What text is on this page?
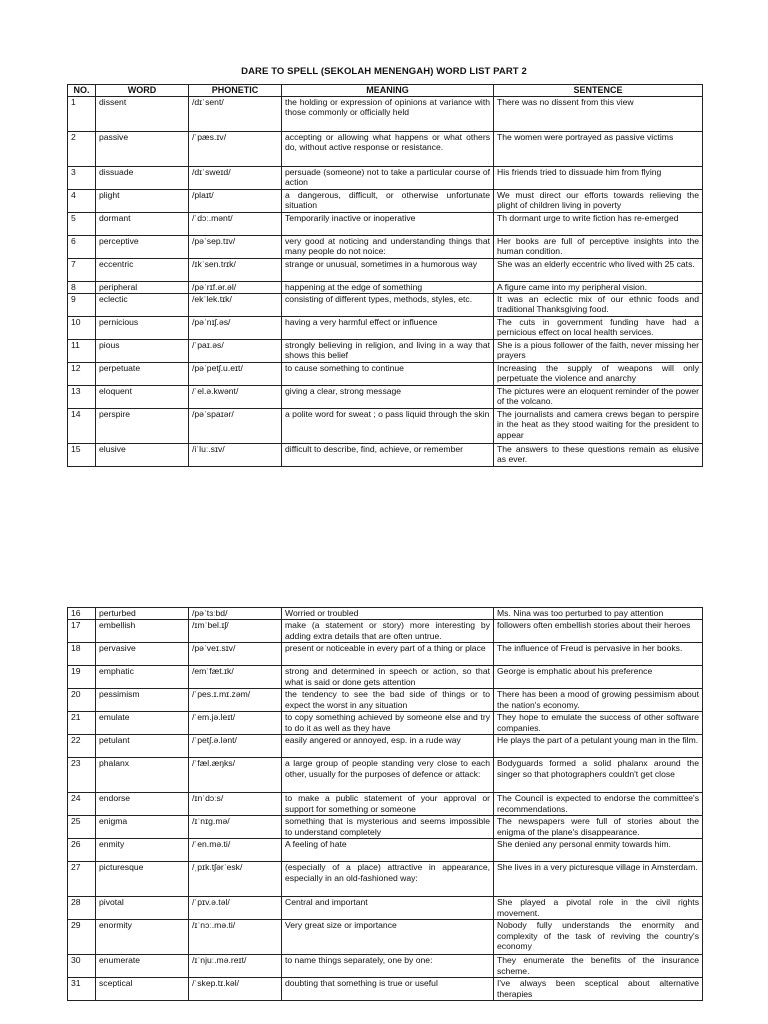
DARE TO SPELL (SEKOLAH MENENGAH) WORD LIST PART 2
NO.	WORD	PHONETIC	MEANING	SENTENCE
1	dissent	/dɪˈsent/	the holding or expression of opinions at variance with those commonly or officially held	There was no dissent from this view
2	passive	/ˈpæs.ɪv/	accepting or allowing what happens or what others do, without active response or resistance.	The women were portrayed as passive victims
3	dissuade	/dɪˈsweɪd/	persuade (someone) not to take a particular course of action	His friends tried to dissuade him from flying
4	plight	/plaɪt/	a dangerous, difficult, or otherwise unfortunate situation	We must direct our efforts towards relieving the plight of children living in poverty
5	dormant	/ˈdɔː.mənt/	Temporarily inactive or inoperative	Th dormant urge to write fiction has re-emerged
6	perceptive	/pəˈsep.tɪv/	very good at noticing and understanding things that many people do not noice:	Her books are full of perceptive insights into the human condition.
7	eccentric	/ɪkˈsen.trɪk/	strange or unusual, sometimes in a humorous way	She was an elderly eccentric who lived with 25 cats.
8	peripheral	/pəˈrɪf.ər.əl/	happening at the edge of something	A figure came into my peripheral vision.
9	eclectic	/ekˈlek.tɪk/	consisting of different types, methods, styles, etc.	It was an eclectic mix of our ethnic foods and traditional Thanksgiving food.
10	pernicious	/pəˈnɪʃ.əs/	having a very harmful effect or influence	The cuts in government funding have had a pernicious effect on local health services.
11	pious	/ˈpaɪ.əs/	strongly believing in religion, and living in a way that shows this belief	She is a pious follower of the faith, never missing her prayers
12	perpetuate	/pəˈpetʃ.u.eɪt/	to cause something to continue	Increasing the supply of weapons will only perpetuate the violence and anarchy
13	eloquent	/ˈel.ə.kwənt/	giving a clear, strong message	The pictures were an eloquent reminder of the power of the volcano.
14	perspire	/pəˈspaɪər/	a polite word for sweat ; o pass liquid through the skin	The journalists and camera crews began to perspire in the heat as they stood waiting for the president to appear
15	elusive	/iˈluː.sɪv/	difficult to describe, find, achieve, or remember	The answers to these questions remain as elusive as ever.
16	perturbed	/pəˈtɜːbd/	Worried or troubled	Ms. Nina was too perturbed to pay attention
17	embellish	/ɪmˈbel.ɪʃ/	make (a statement or story) more interesting by adding extra details that are often untrue.	followers often embellish stories about their heroes
18	pervasive	/pəˈveɪ.sɪv/	present or noticeable in every part of a thing or place	The influence of Freud is pervasive in her books.
19	emphatic	/emˈfæt.ɪk/	strong and determined in speech or action, so that what is said or done gets attention	George is emphatic about his preference
20	pessimism	/ˈpes.ɪ.mɪ.zəm/	the tendency to see the bad side of things or to expect the worst in any situation	There has been a mood of growing pessimism about the nation's economy.
21	emulate	/ˈem.jə.leɪt/	to copy something achieved by someone else and try to do it as well as they have	They hope to emulate the success of other software companies.
22	petulant	/ˈpetʃ.ə.lənt/	easily angered or annoyed, esp. in a rude way	He plays the part of a petulant young man in the film.
23	phalanx	/ˈfæl.æŋks/	a large group of people standing very close to each other, usually for the purposes of defence or attack:	Bodyguards formed a solid phalanx around the singer so that photographers couldn't get close
24	endorse	/ɪnˈdɔːs/	to make a public statement of your approval or support for something or someone	The Council is expected to endorse the committee's recommendations.
25	enigma	/ɪˈnɪɡ.mə/	something that is mysterious and seems impossible to understand completely	The newspapers were full of stories about the enigma of the plane's disappearance.
26	enmity	/ˈen.mə.ti/	A feeling of hate	She denied any personal enmity towards him.
27	picturesque	/ˌpɪk.tʃərˈesk/	(especially of a place) attractive in appearance, especially in an old-fashioned way:	She lives in a very picturesque village in Amsterdam.
28	pivotal	/ˈpɪv.ə.təl/	Central and important	She played a pivotal role in the civil rights movement.
29	enormity	/ɪˈnɔː.mə.ti/	Very great size or importance	Nobody fully understands the enormity and complexity of the task of reviving the country's economy
30	enumerate	/ɪˈnjuː.mə.reɪt/	to name things separately, one by one:	They enumerate the benefits of the insurance scheme.
31	sceptical	/ˈskep.tɪ.kəl/	doubting that something is true or useful	I've always been sceptical about alternative therapies
